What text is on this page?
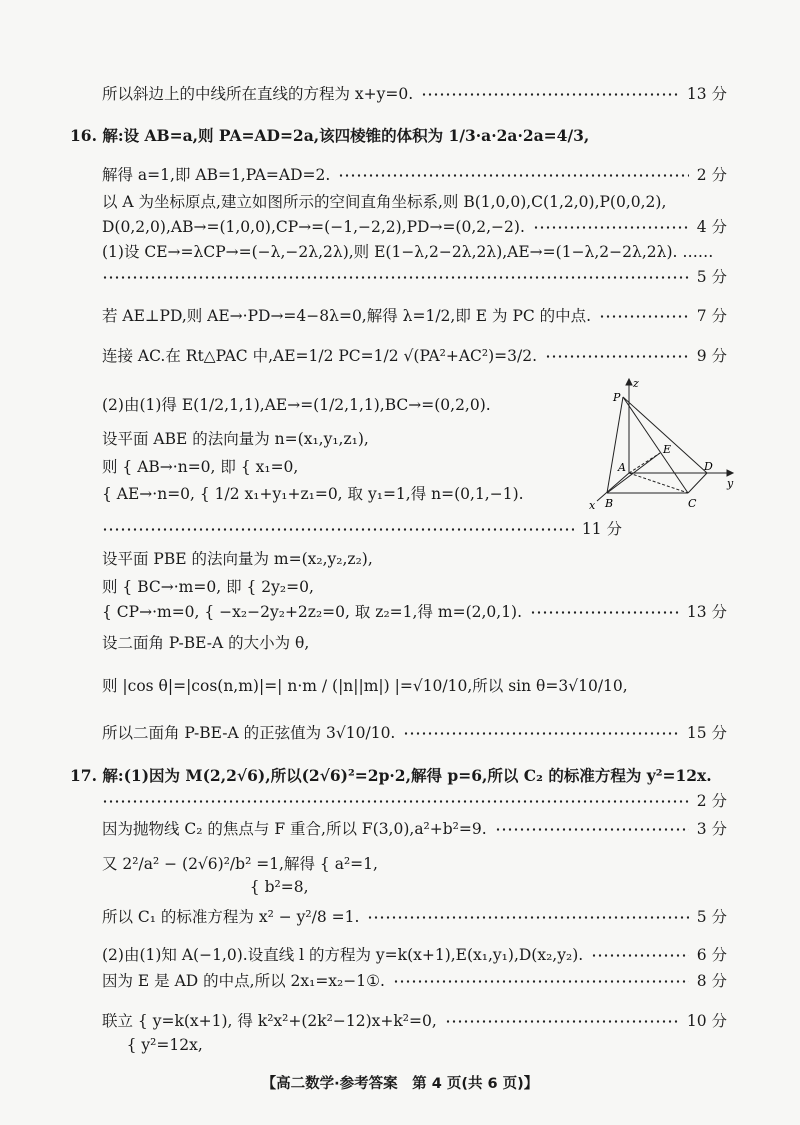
所以斜边上的中线所在直线的方程为 x+y=0.	13 分
16. 解:设 AB=a,则 PA=AD=2a,该四棱锥的体积为 1/3·a·2a·2a=4/3,
解得 a=1,即 AB=1,PA=AD=2.	2 分
以 A 为坐标原点,建立如图所示的空间直角坐标系,则 B(1,0,0),C(1,2,0),P(0,0,2),
D(0,2,0),AB→=(1,0,0),CP→=(−1,−2,2),PD→=(0,2,−2).	4 分
(1)设 CE→=λCP→=(−λ,−2λ,2λ),则 E(1−λ,2−2λ,2λ),AE→=(1−λ,2−2λ,2λ). ……
5 分
若 AE⊥PD,则 AE→·PD→=4−8λ=0,解得 λ=1/2,即 E 为 PC 的中点.	7 分
连接 AC.在 Rt△PAC 中,AE=1/2 PC=1/2 √(PA²+AC²)=3/2.	9 分
(2)由(1)得 E(1/2,1,1),AE→=(1/2,1,1),BC→=(0,2,0).
设平面 ABE 的法向量为 n=(x₁,y₁,z₁),
则 { AB→·n=0, 即 { x₁=0,
{ AE→·n=0, { 1/2 x₁+y₁+z₁=0, 取 y₁=1,得 n=(0,1,−1).
11 分
设平面 PBE 的法向量为 m=(x₂,y₂,z₂),
则 { BC→·m=0, 即 { 2y₂=0,
{ CP→·m=0, { −x₂−2y₂+2z₂=0, 取 z₂=1,得 m=(2,0,1).	13 分
设二面角 P-BE-A 的大小为 θ,
则 |cos θ|=|cos(n,m)|=| n·m / (|n||m|) |=√10/10,所以 sin θ=3√10/10,
所以二面角 P-BE-A 的正弦值为 3√10/10.	15 分
17. 解:(1)因为 M(2,2√6),所以(2√6)²=2p·2,解得 p=6,所以 C₂ 的标准方程为 y²=12x.
2 分
因为抛物线 C₂ 的焦点与 F 重合,所以 F(3,0),a²+b²=9.	3 分
又 2²/a² − (2√6)²/b² =1,解得 { a²=1,
{ b²=8,
所以 C₁ 的标准方程为 x² − y²/8 =1.	5 分
(2)由(1)知 A(−1,0).设直线 l 的方程为 y=k(x+1),E(x₁,y₁),D(x₂,y₂).	6 分
因为 E 是 AD 的中点,所以 2x₁=x₂−1①.	8 分
联立 { y=k(x+1), 得 k²x²+(2k²−12)x+k²=0,	10 分
{ y²=12x,
z
y
x
P
E
A	D
B	C
【高二数学·参考答案　第 4 页(共 6 页)】
